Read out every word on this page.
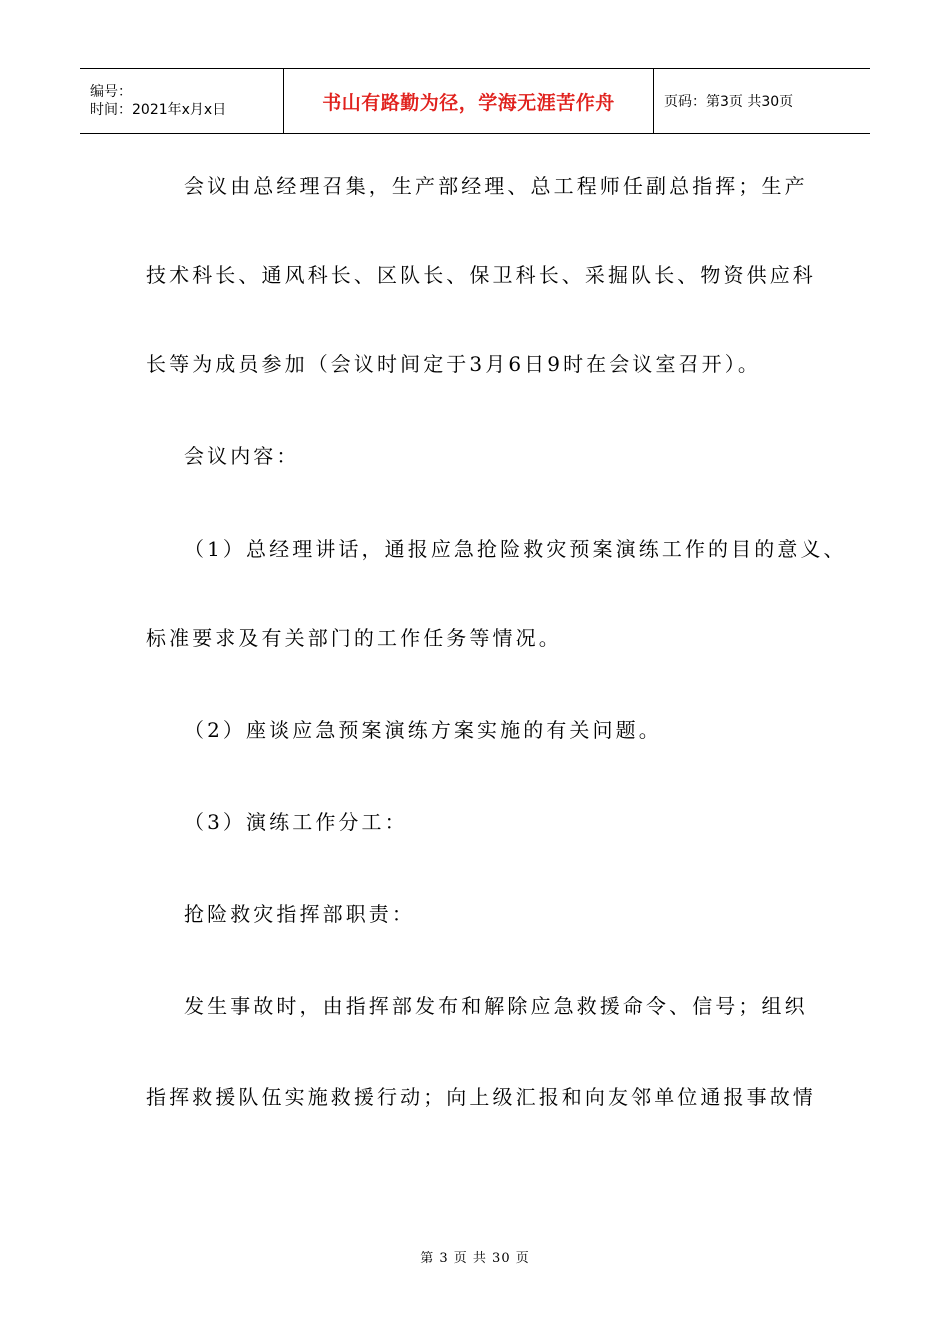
编号：
时间：2021年x月x日	书山有路勤为径，学海无涯苦作舟	页码：第3页 共30页
会议由总经理召集，生产部经理、总工程师任副总指挥；生产
技术科长、通风科长、区队长、保卫科长、采掘队长、物资供应科
长等为成员参加（会议时间定于3月6日9时在会议室召开）。
会议内容：
（1）总经理讲话，通报应急抢险救灾预案演练工作的目的意义、
标准要求及有关部门的工作任务等情况。
（2）座谈应急预案演练方案实施的有关问题。
（3）演练工作分工：
抢险救灾指挥部职责：
发生事故时，由指挥部发布和解除应急救援命令、信号；组织
指挥救援队伍实施救援行动；向上级汇报和向友邻单位通报事故情
第 3 页 共 30 页
